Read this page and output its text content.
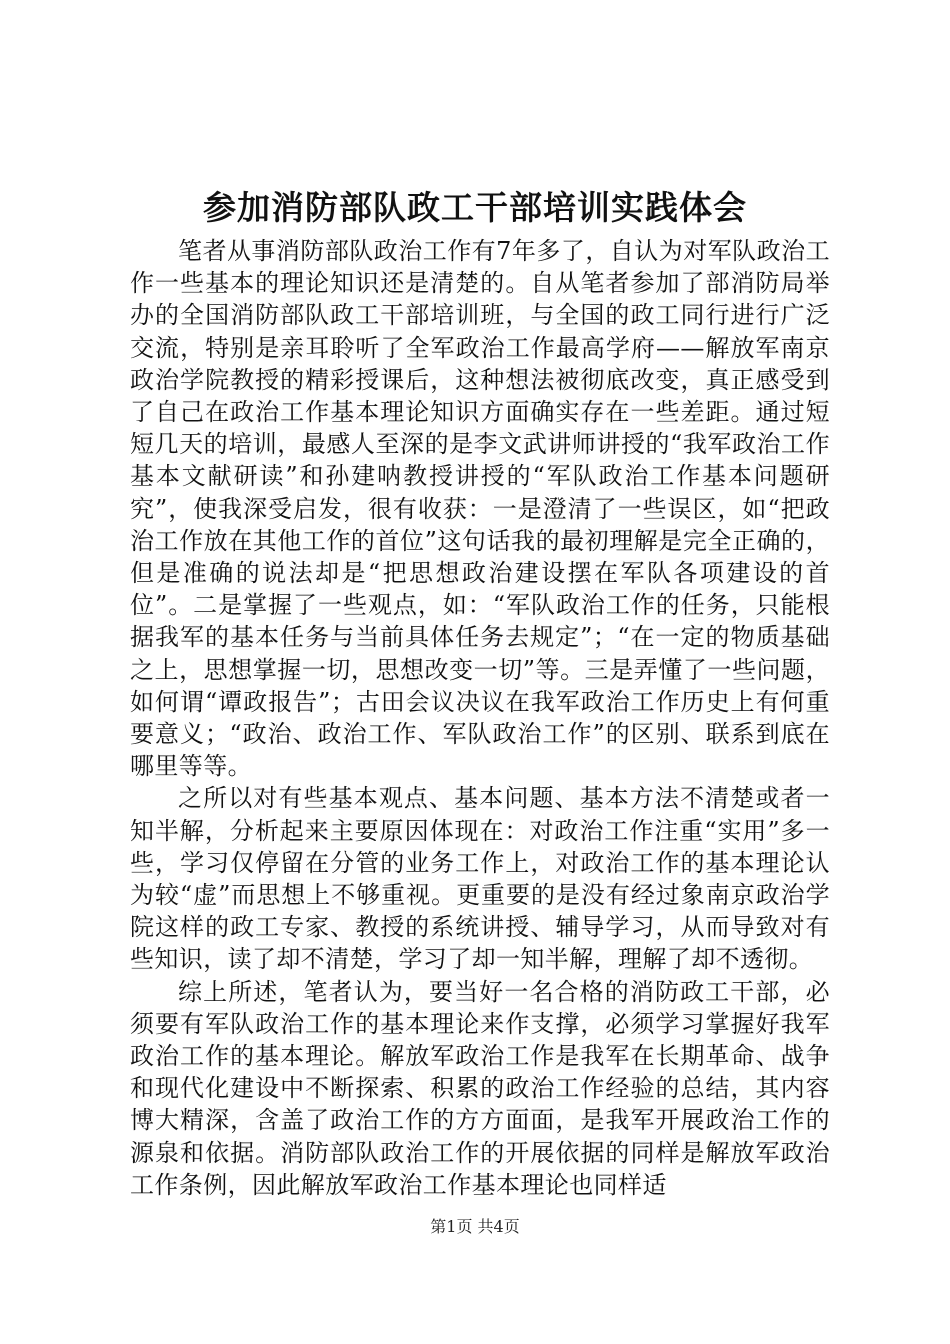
参加消防部队政工干部培训实践体会

笔者从事消防部队政治工作有7年多了，自认为对军队政治工作一些基本的理论知识还是清楚的。自从笔者参加了部消防局举办的全国消防部队政工干部培训班，与全国的政工同行进行广泛交流，特别是亲耳聆听了全军政治工作最高学府——解放军南京政治学院教授的精彩授课后，这种想法被彻底改变，真正感受到了自己在政治工作基本理论知识方面确实存在一些差距。通过短短几天的培训，最感人至深的是李文武讲师讲授的“我军政治工作基本文献研读”和孙建呐教授讲授的“军队政治工作基本问题研究”，使我深受启发，很有收获：一是澄清了一些误区，如“把政治工作放在其他工作的首位”这句话我的最初理解是完全正确的，但是准确的说法却是“把思想政治建设摆在军队各项建设的首位”。二是掌握了一些观点，如：“军队政治工作的任务，只能根据我军的基本任务与当前具体任务去规定”；“在一定的物质基础之上，思想掌握一切，思想改变一切”等。三是弄懂了一些问题，如何谓“谭政报告”；古田会议决议在我军政治工作历史上有何重要意义；“政治、政治工作、军队政治工作”的区别、联系到底在哪里等等。

之所以对有些基本观点、基本问题、基本方法不清楚或者一知半解，分析起来主要原因体现在：对政治工作注重“实用”多一些，学习仅停留在分管的业务工作上，对政治工作的基本理论认为较“虚”而思想上不够重视。更重要的是没有经过象南京政治学院这样的政工专家、教授的系统讲授、辅导学习，从而导致对有些知识，读了却不清楚，学习了却一知半解，理解了却不透彻。

综上所述，笔者认为，要当好一名合格的消防政工干部，必须要有军队政治工作的基本理论来作支撑，必须学习掌握好我军政治工作的基本理论。解放军政治工作是我军在长期革命、战争和现代化建设中不断探索、积累的政治工作经验的总结，其内容博大精深，含盖了政治工作的方方面面，是我军开展政治工作的源泉和依据。消防部队政治工作的开展依据的同样是解放军政治工作条例，因此解放军政治工作基本理论也同样适

第1页 共4页
